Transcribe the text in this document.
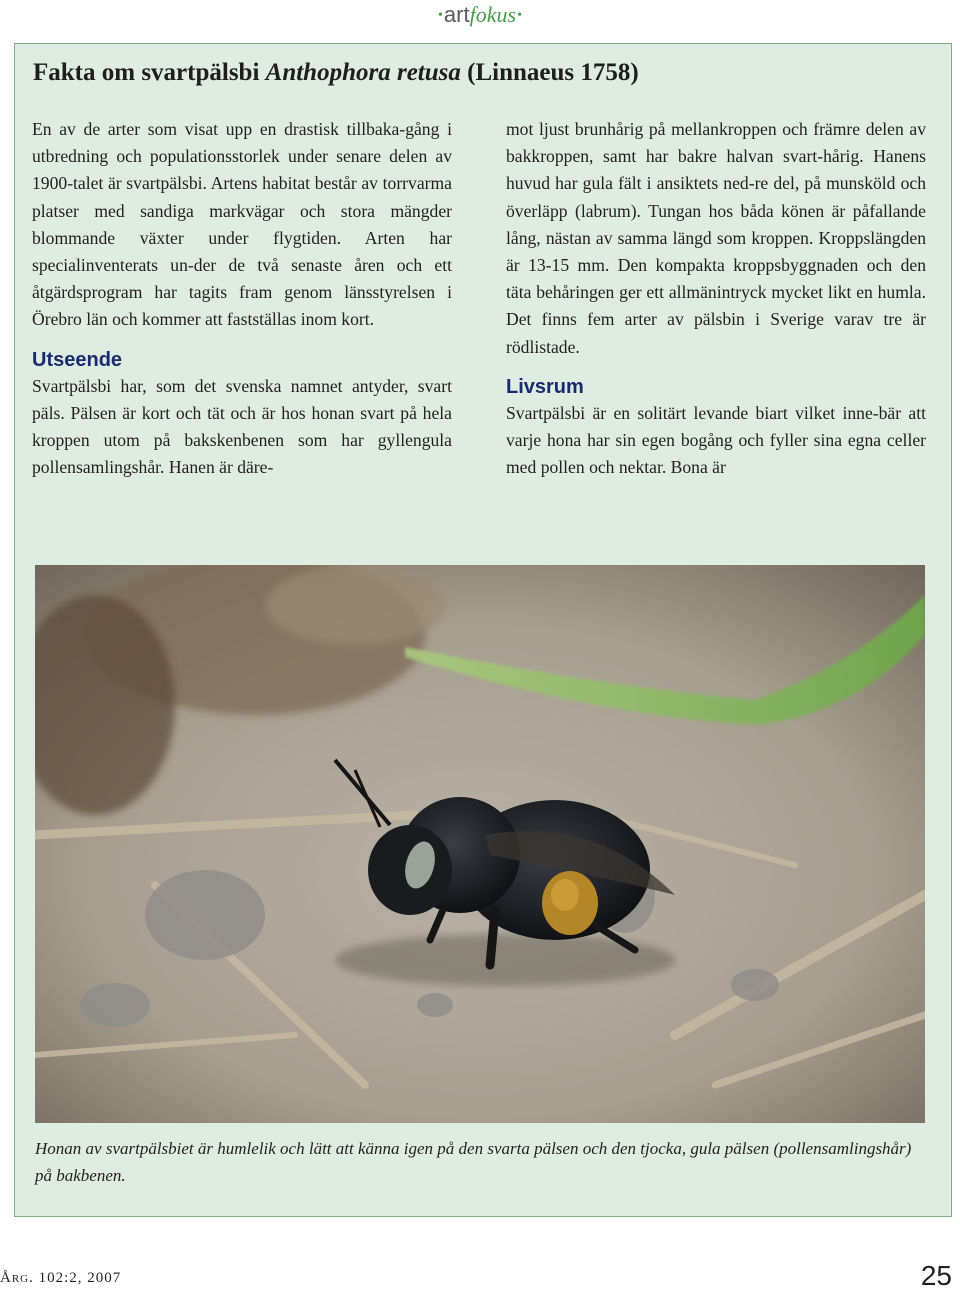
•artfokus•
Fakta om svartpälsbi Anthophora retusa (Linnaeus 1758)

En av de arter som visat upp en drastisk tillbaka-gång i utbredning och populationsstorlek under senare delen av 1900-talet är svartpälsbi. Artens habitat består av torrvarma platser med sandiga markvägar och stora mängder blommande växter under flygtiden. Arten har specialinventerats un-der de två senaste åren och ett åtgärdsprogram har tagits fram genom länsstyrelsen i Örebro län och kommer att fastställas inom kort.

Utseende

Svartpälsbi har, som det svenska namnet antyder, svart päls. Pälsen är kort och tät och är hos honan svart på hela kroppen utom på bakskenbenen som har gyllengula pollensamlingshår. Hanen är däre-

mot ljust brunhårig på mellankroppen och främre delen av bakkroppen, samt har bakre halvan svart-hårig. Hanens huvud har gula fält i ansiktets ned-re del, på munsköld och överläpp (labrum). Tungan hos båda könen är påfallande lång, nästan av samma längd som kroppen. Kroppslängden är 13-15 mm. Den kompakta kroppsbyggnaden och den täta behåringen ger ett allmänintryck mycket likt en humla. Det finns fem arter av pälsbin i Sverige varav tre är rödlistade.

Livsrum

Svartpälsbi är en solitärt levande biart vilket inne-bär att varje hona har sin egen bogång och fyller sina egna celler med pollen och nektar. Bona är

Honan av svartpälsbiet är humlelik och lätt att känna igen på den svarta pälsen och den tjocka, gula pälsen (pollensamlingshår) på bakbenen.

Årg. 102:2, 2007	25
